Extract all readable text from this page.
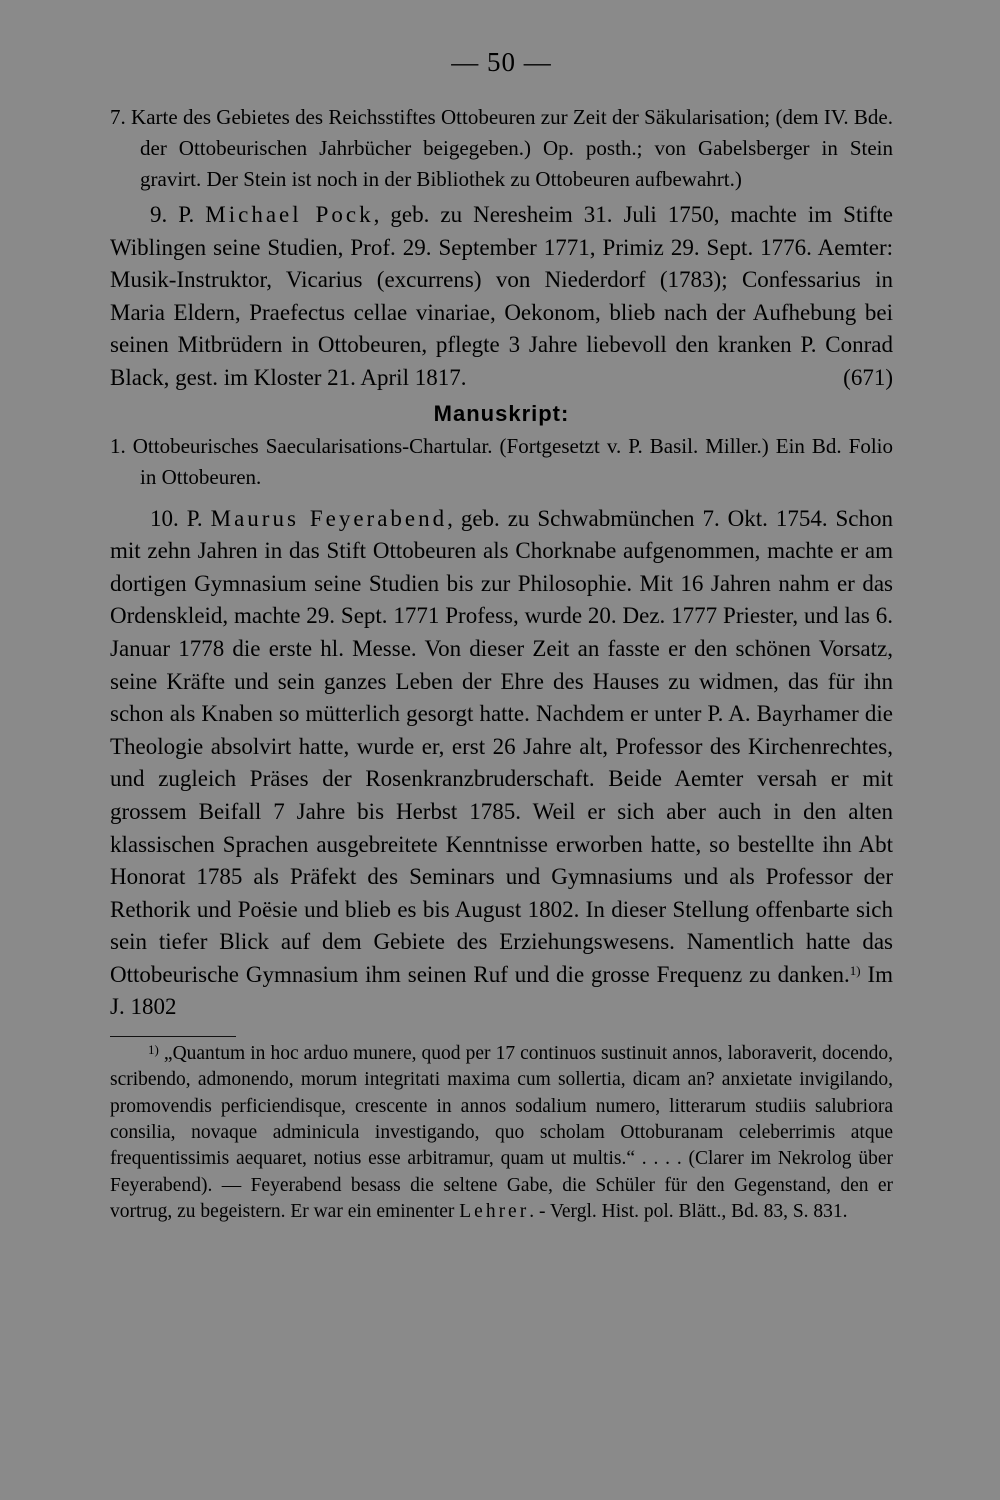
— 50 —

7. Karte des Gebietes des Reichsstiftes Ottobeuren zur Zeit der Säkularisation; (dem IV. Bde. der Ottobeurischen Jahrbücher beigegeben.) Op. posth.; von Gabelsberger in Stein gravirt. Der Stein ist noch in der Bibliothek zu Ottobeuren aufbewahrt.)

9. P. Michael Pock, geb. zu Neresheim 31. Juli 1750, machte im Stifte Wiblingen seine Studien, Prof. 29. September 1771, Primiz 29. Sept. 1776. Aemter: Musik-Instruktor, Vicarius (excurrens) von Niederdorf (1783); Confessarius in Maria Eldern, Praefectus cellae vinariae, Oekonom, blieb nach der Aufhebung bei seinen Mitbrüdern in Ottobeuren, pflegte 3 Jahre liebevoll den kranken P. Conrad Black, gest. im Kloster 21. April 1817.	(671)

Manuskript:

1. Ottobeurisches Saecularisations-Chartular. (Fortgesetzt v. P. Basil. Miller.) Ein Bd. Folio in Ottobeuren.

10. P. Maurus Feyerabend, geb. zu Schwabmünchen 7. Okt. 1754. Schon mit zehn Jahren in das Stift Ottobeuren als Chorknabe aufgenommen, machte er am dortigen Gymnasium seine Studien bis zur Philosophie. Mit 16 Jahren nahm er das Ordenskleid, machte 29. Sept. 1771 Profess, wurde 20. Dez. 1777 Priester, und las 6. Januar 1778 die erste hl. Messe. Von dieser Zeit an fasste er den schönen Vorsatz, seine Kräfte und sein ganzes Leben der Ehre des Hauses zu widmen, das für ihn schon als Knaben so mütterlich gesorgt hatte. Nachdem er unter P. A. Bayrhamer die Theologie absolvirt hatte, wurde er, erst 26 Jahre alt, Professor des Kirchenrechtes, und zugleich Präses der Rosenkranzbruderschaft. Beide Aemter versah er mit grossem Beifall 7 Jahre bis Herbst 1785. Weil er sich aber auch in den alten klassischen Sprachen ausgebreitete Kenntnisse erworben hatte, so bestellte ihn Abt Honorat 1785 als Präfekt des Seminars und Gymnasiums und als Professor der Rethorik und Poësie und blieb es bis August 1802. In dieser Stellung offenbarte sich sein tiefer Blick auf dem Gebiete des Erziehungswesens. Namentlich hatte das Ottobeurische Gymnasium ihm seinen Ruf und die grosse Frequenz zu danken.$^{1)}$ Im J. 1802

$^{1)}$ „Quantum in hoc arduo munere, quod per 17 continuos sustinuit annos, laboraverit, docendo, scribendo, admonendo, morum integritati maxima cum sollertia, dicam an? anxietate invigilando, promovendis perficiendisque, crescente in annos sodalium numero, litterarum studiis salubriora consilia, novaque adminicula investigando, quo scholam Ottoburanam celeberrimis atque frequentissimis aequaret, notius esse arbitramur, quam ut multis.“ . . . . (Clarer im Nekrolog über Feyerabend). — Feyerabend besass die seltene Gabe, die Schüler für den Gegenstand, den er vortrug, zu begeistern. Er war ein eminenter Lehrer. - Vergl. Hist. pol. Blätt., Bd. 83, S. 831.
